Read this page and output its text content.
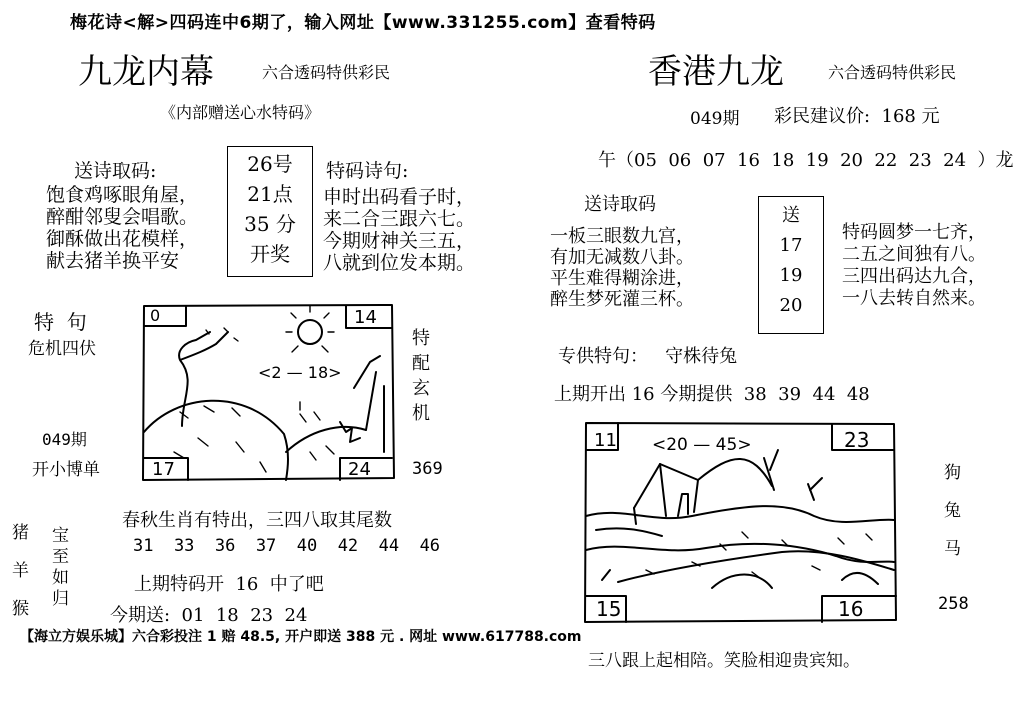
梅花诗<解>四码连中6期了，输入网址【www.331255.com】查看特码
九龙内幕	六合透码特供彩民
《内部赠送心水特码》
送诗取码:
饱食鸡啄眼角屋，
醉酣邻叟会唱歌。
御酥做出花模样，
献去猪羊换平安
26号
21点
35 分
开奖
特码诗句:
申时出码看子时，
来二合三跟六七。
今期财神关三五，
八就到位发本期。
特  句
危机四伏
049期
开小博单
0	14
17	24
<2 — 18>
特
配
玄
机
369
猪
羊
猴
宝
至
如
归
春秋生肖有特出，三四八取其尾数
31  33  36  37  40  42  44  46
上期特码开  16  中了吧
今期送:  01  18  23  24
香港九龙	六合透码特供彩民
049期 彩民建议价:  168 元
午（05  06  07  16  18  19  20  22  23  24  ）龙
送诗取码
一板三眼数九宫，
有加无减数八卦。
平生难得糊涂进，
醉生梦死灌三杯。
送
17
19
20
特码圆梦一七齐，
二五之间独有八。
三四出码达九合，
一八去转自然来。
专供特句：   守株待兔
上期开出 16 今期提供  38  39  44  48
11	23
15	16
<20 — 45>
狗
兔
马
258
【海立方娱乐城】六合彩投注 1 赔 48.5, 开户即送 388 元 . 网址 www.617788.com
三八跟上起相陪。笑脸相迎贵宾知。
